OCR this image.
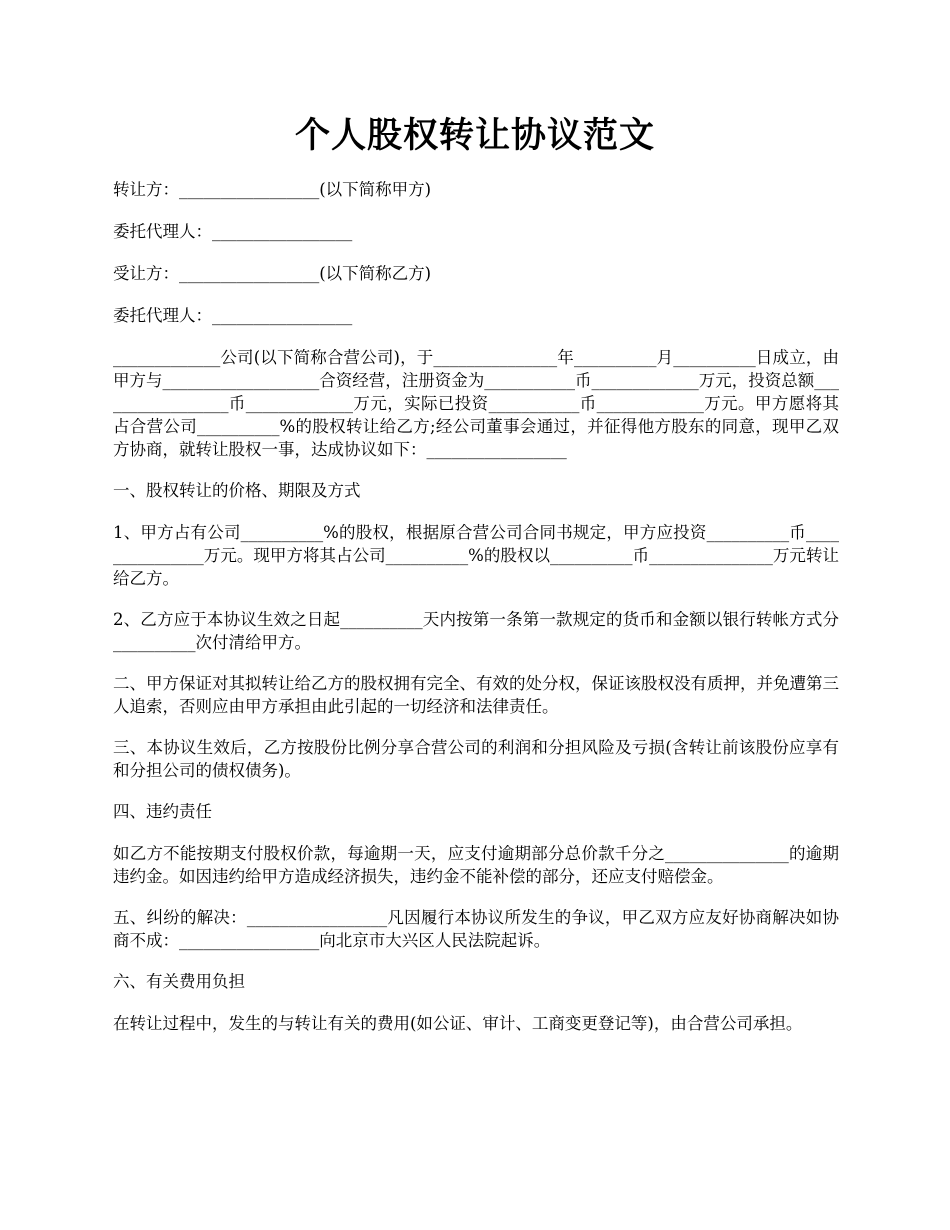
个人股权转让协议范文

转让方：_________________(以下简称甲方)

委托代理人：_________________

受让方：_________________(以下简称乙方)

委托代理人：_________________

_____________公司(以下简称合营公司)，于_______________年__________月__________日成立，由甲方与___________________合资经营，注册资金为___________币_____________万元，投资总额_________________币_____________万元，实际已投资___________币_____________万元。甲方愿将其占合营公司__________%的股权转让给乙方;经公司董事会通过，并征得他方股东的同意，现甲乙双方协商，就转让股权一事，达成协议如下：_________________

一、股权转让的价格、期限及方式

1、甲方占有公司__________%的股权，根据原合营公司合同书规定，甲方应投资__________币_______________万元。现甲方将其占公司__________%的股权以__________币_______________万元转让给乙方。

2、乙方应于本协议生效之日起__________天内按第一条第一款规定的货币和金额以银行转帐方式分__________次付清给甲方。

二、甲方保证对其拟转让给乙方的股权拥有完全、有效的处分权，保证该股权没有质押，并免遭第三人追索，否则应由甲方承担由此引起的一切经济和法律责任。

三、本协议生效后，乙方按股份比例分享合营公司的利润和分担风险及亏损(含转让前该股份应享有和分担公司的债权债务)。

四、违约责任

如乙方不能按期支付股权价款，每逾期一天，应支付逾期部分总价款千分之_______________的逾期违约金。如因违约给甲方造成经济损失，违约金不能补偿的部分，还应支付赔偿金。

五、纠纷的解决：_________________凡因履行本协议所发生的争议，甲乙双方应友好协商解决如协商不成：_________________向北京市大兴区人民法院起诉。

六、有关费用负担

在转让过程中，发生的与转让有关的费用(如公证、审计、工商变更登记等)，由合营公司承担。
